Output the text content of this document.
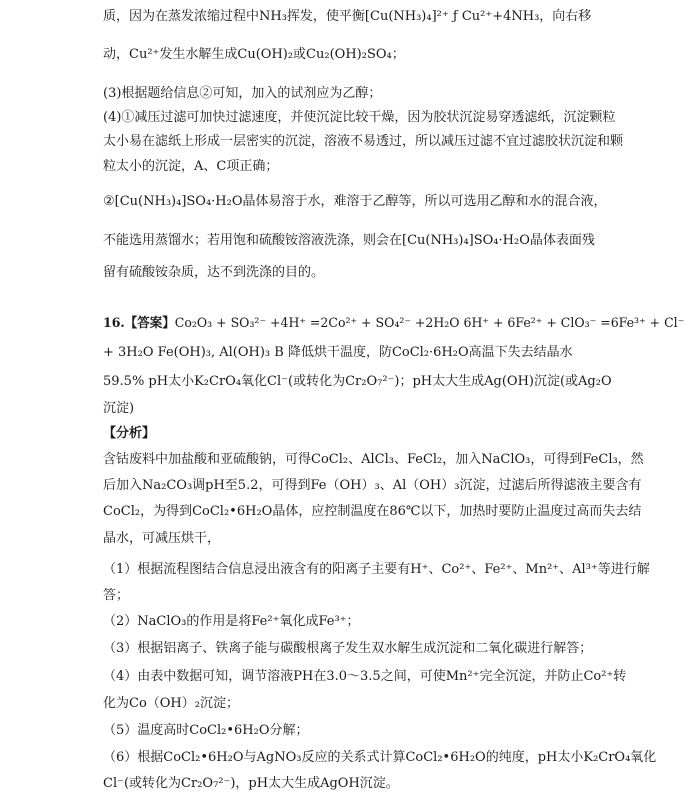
质，因为在蒸发浓缩过程中NH₃挥发，使平衡[Cu(NH₃)₄]²⁺ ƒ Cu²⁺+4NH₃，向右移
动，Cu²⁺发生水解生成Cu(OH)₂或Cu₂(OH)₂SO₄；
(3)根据题给信息②可知，加入的试剂应为乙醇；
(4)①减压过滤可加快过滤速度，并使沉淀比较干燥，因为胶状沉淀易穿透滤纸，沉淀颗粒
太小易在滤纸上形成一层密实的沉淀，溶液不易透过，所以减压过滤不宜过滤胶状沉淀和颗
粒太小的沉淀，A、C项正确；
②[Cu(NH₃)₄]SO₄·H₂O晶体易溶于水，难溶于乙醇等，所以可选用乙醇和水的混合液，
不能选用蒸馏水；若用饱和硫酸铵溶液洗涤，则会在[Cu(NH₃)₄]SO₄·H₂O晶体表面残
留有硫酸铵杂质，达不到洗涤的目的。
16.【答案】Co₂O₃ + SO₃²⁻ +4H⁺ =2Co²⁺ + SO₄²⁻ +2H₂O 6H⁺ + 6Fe²⁺ + ClO₃⁻ =6Fe³⁺ + Cl⁻
+ 3H₂O Fe(OH)₃, Al(OH)₃ B 降低烘干温度，防CoCl₂·6H₂O高温下失去结晶水
59.5% pH太小K₂CrO₄氧化Cl⁻(或转化为Cr₂O₇²⁻)；pH太大生成Ag(OH)沉淀(或Ag₂O
沉淀)
【分析】
含钴废料中加盐酸和亚硫酸钠，可得CoCl₂、AlCl₃、FeCl₂，加入NaClO₃，可得到FeCl₃，然
后加入Na₂CO₃调pH至5.2，可得到Fe（OH）₃、Al（OH）₃沉淀，过滤后所得滤液主要含有
CoCl₂，为得到CoCl₂•6H₂O晶体，应控制温度在86℃以下，加热时要防止温度过高而失去结
晶水，可减压烘干，
（1）根据流程图结合信息浸出液含有的阳离子主要有H⁺、Co²⁺、Fe²⁺、Mn²⁺、Al³⁺等进行解
答；
（2）NaClO₃的作用是将Fe²⁺氧化成Fe³⁺；
（3）根据铝离子、铁离子能与碳酸根离子发生双水解生成沉淀和二氧化碳进行解答；
（4）由表中数据可知，调节溶液PH在3.0～3.5之间，可使Mn²⁺完全沉淀，并防止Co²⁺转
化为Co（OH）₂沉淀；
（5）温度高时CoCl₂•6H₂O分解；
（6）根据CoCl₂•6H₂O与AgNO₃反应的关系式计算CoCl₂•6H₂O的纯度，pH太小K₂CrO₄氧化
Cl⁻(或转化为Cr₂O₇²⁻)，pH太大生成AgOH沉淀。
